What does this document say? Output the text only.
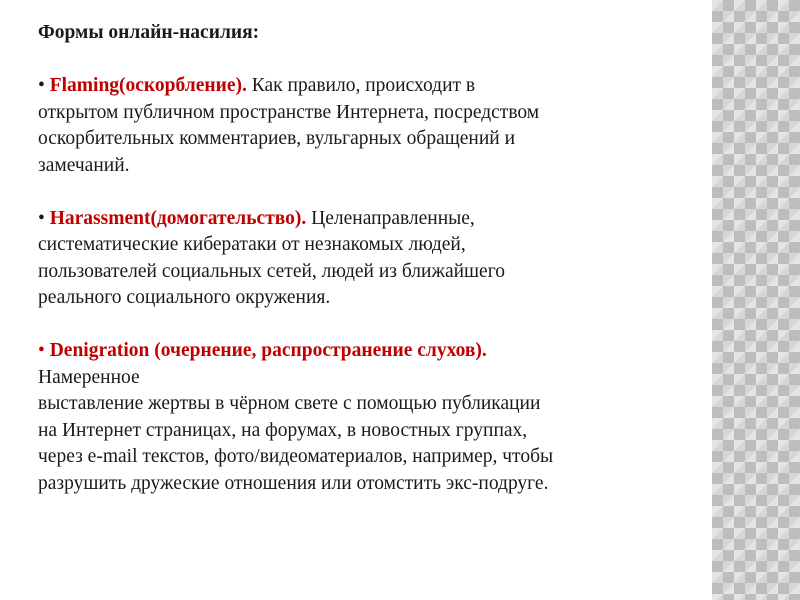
Формы онлайн-насилия:

• Flaming(оскорбление). Как правило, происходит в
открытом публичном пространстве Интернета, посредством
оскорбительных комментариев, вульгарных обращений и
замечаний.
• Harassment(домогательство). Целенаправленные,
систематические кибератаки от незнакомых людей,
пользователей социальных сетей, людей из ближайшего
реального социального окружения.
• Denigration (очернение, распространение слухов).
Намеренное
выставление жертвы в чёрном свете с помощью публикации
на Интернет страницах, на форумах, в новостных группах,
через e-mail текстов, фото/видеоматериалов, например, чтобы
разрушить дружеские отношения или отомстить экс-подруге.
